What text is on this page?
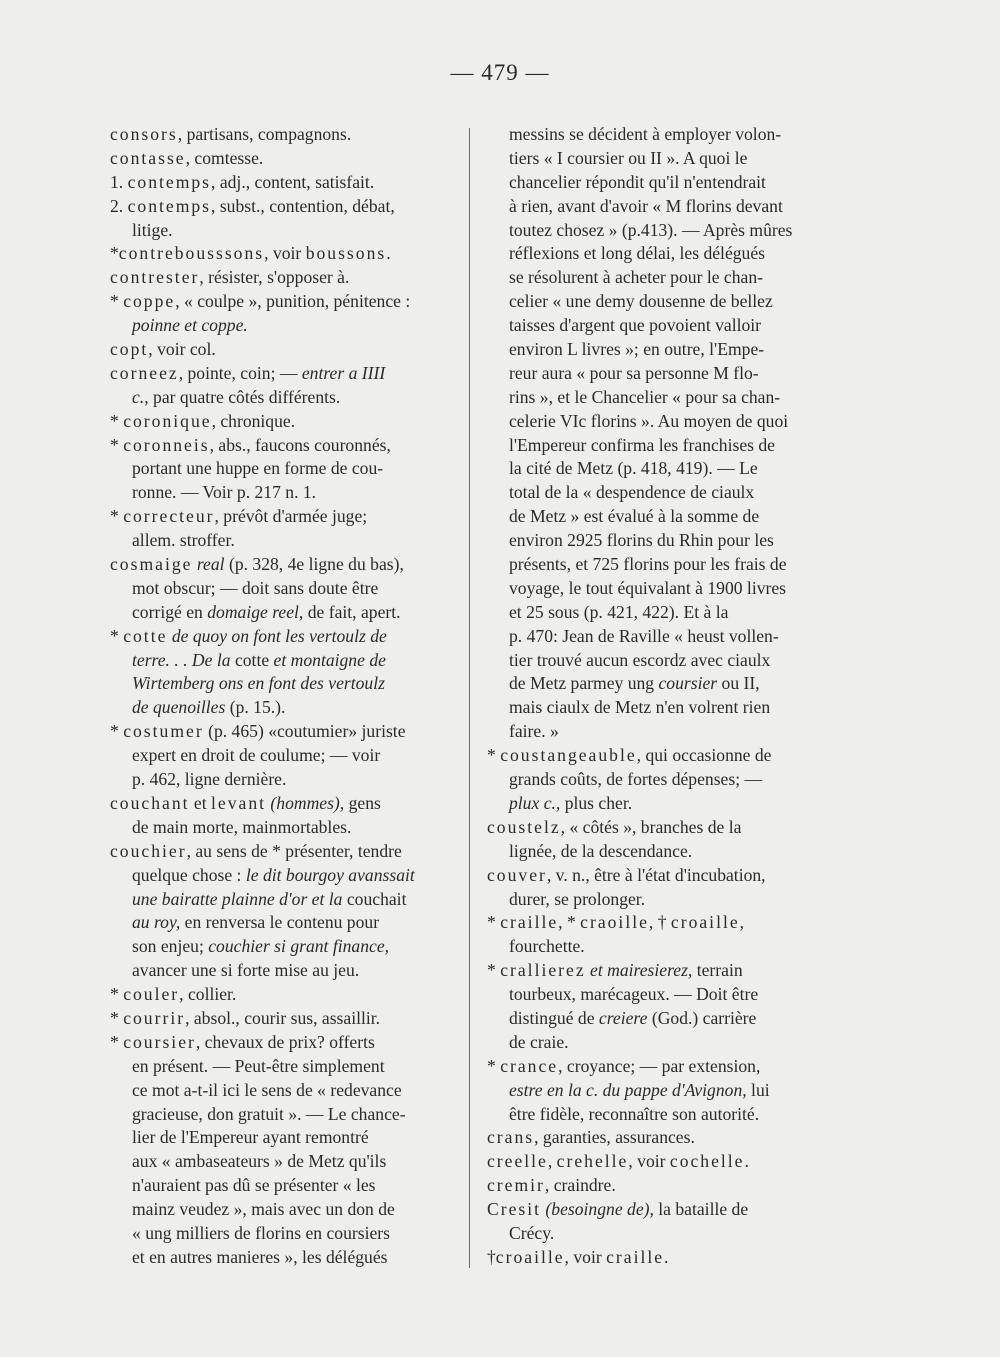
— 479 —
consors, partisans, compagnons.
contasse, comtesse.
1. contemps, adj., content, satisfait.
2. contemps, subst., contention, débat,
litige.
*contrebousssons, voir boussons.
contrester, résister, s'opposer à.
* coppe, « coulpe », punition, pénitence :
poinne et coppe.
copt, voir col.
corneez, pointe, coin; — entrer a IIII
c., par quatre côtés différents.
* coronique, chronique.
* coronneis, abs., faucons couronnés,
portant une huppe en forme de cou-
ronne. — Voir p. 217 n. 1.
* correcteur, prévôt d'armée juge;
allem. stroffer.
cosmaige real (p. 328, 4e ligne du bas),
mot obscur; — doit sans doute être
corrigé en domaige reel, de fait, apert.
* cotte de quoy on font les vertoulz de
terre. . . De la cotte et montaigne de
Wirtemberg ons en font des vertoulz
de quenoilles (p. 15.).
* costumer (p. 465) «coutumier» juriste
expert en droit de coulume; — voir
p. 462, ligne dernière.
couchant et levant (hommes), gens
de main morte, mainmortables.
couchier, au sens de * présenter, tendre
quelque chose : le dit bourgoy avanssait
une bairatte plainne d'or et la couchait
au roy, en renversa le contenu pour
son enjeu; couchier si grant finance,
avancer une si forte mise au jeu.
* couler, collier.
* courrir, absol., courir sus, assaillir.
* coursier, chevaux de prix? offerts
en présent. — Peut-être simplement
ce mot a-t-il ici le sens de « redevance
gracieuse, don gratuit ». — Le chance-
lier de l'Empereur ayant remontré
aux « ambaseateurs » de Metz qu'ils
n'auraient pas dû se présenter « les
mainz veudez », mais avec un don de
« ung milliers de florins en coursiers
et en autres manieres », les délégués
messins se décident à employer volon-
tiers « I coursier ou II ». A quoi le
chancelier répondit qu'il n'entendrait
à rien, avant d'avoir « M florins devant
toutez chosez » (p.413). — Après mûres
réflexions et long délai, les délégués
se résolurent à acheter pour le chan-
celier « une demy dousenne de bellez
taisses d'argent que povoient valloir
environ L livres »; en outre, l'Empe-
reur aura « pour sa personne M flo-
rins », et le Chancelier « pour sa chan-
celerie VIc florins ». Au moyen de quoi
l'Empereur confirma les franchises de
la cité de Metz (p. 418, 419). — Le
total de la « despendence de ciaulx
de Metz » est évalué à la somme de
environ 2925 florins du Rhin pour les
présents, et 725 florins pour les frais de
voyage, le tout équivalant à 1900 livres
et 25 sous (p. 421, 422). Et à la
p. 470: Jean de Raville « heust vollen-
tier trouvé aucun escordz avec ciaulx
de Metz parmey ung coursier ou II,
mais ciaulx de Metz n'en volrent rien
faire. »
* coustangeauble, qui occasionne de
grands coûts, de fortes dépenses; —
plux c., plus cher.
coustelz, « côtés », branches de la
lignée, de la descendance.
couver, v. n., être à l'état d'incubation,
durer, se prolonger.
* craille, * craoille, † croaille,
fourchette.
* crallierez et mairesierez, terrain
tourbeux, marécageux. — Doit être
distingué de creiere (God.) carrière
de craie.
* crance, croyance; — par extension,
estre en la c. du pappe d'Avignon, lui
être fidèle, reconnaître son autorité.
crans, garanties, assurances.
creelle, crehelle, voir cochelle.
cremir, craindre.
Cresit (besoingne de), la bataille de
Crécy.
†croaille, voir craille.
